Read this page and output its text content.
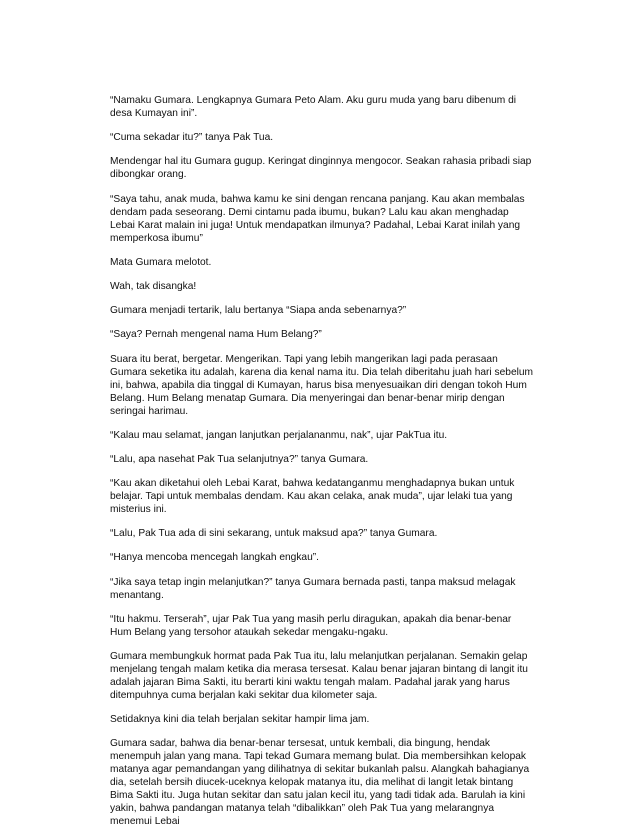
“Namaku Gumara. Lengkapnya Gumara Peto Alam. Aku guru muda yang baru dibenum di desa Kumayan ini”.

“Cuma sekadar itu?” tanya Pak Tua.

Mendengar hal itu Gumara gugup. Keringat dinginnya mengocor. Seakan rahasia pribadi siap dibongkar orang.

“Saya tahu, anak muda, bahwa kamu ke sini dengan rencana panjang. Kau akan membalas dendam pada seseorang. Demi cintamu pada ibumu, bukan? Lalu kau akan menghadap Lebai Karat malain ini juga! Untuk mendapatkan ilmunya? Padahal, Lebai Karat inilah yang memperkosa ibumu”

Mata Gumara melotot.

Wah, tak disangka!

Gumara menjadi tertarik, lalu bertanya “Siapa anda sebenarnya?”

“Saya? Pernah mengenal nama Hum Belang?”

Suara itu berat, bergetar. Mengerikan. Tapi yang lebih mangerikan lagi pada perasaan Gumara seketika itu adalah, karena dia kenal nama itu. Dia telah diberitahu juah hari sebelum ini, bahwa, apabila dia tinggal di Kumayan, harus bisa menyesuaikan diri dengan tokoh Hum Belang. Hum Belang menatap Gumara. Dia menyeringai dan benar-benar mirip dengan seringai harimau.

“Kalau mau selamat, jangan lanjutkan perjalananmu, nak”, ujar PakTua itu.

“Lalu, apa nasehat Pak Tua selanjutnya?” tanya Gumara.

“Kau akan diketahui oleh Lebai Karat, bahwa kedatanganmu menghadapnya bukan untuk belajar. Tapi untuk membalas dendam. Kau akan celaka, anak muda”, ujar lelaki tua yang misterius ini.

“Lalu, Pak Tua ada di sini sekarang, untuk maksud apa?” tanya Gumara.

“Hanya mencoba mencegah langkah engkau”.

“Jika saya tetap ingin melanjutkan?” tanya Gumara bernada pasti, tanpa maksud melagak menantang.

“Itu hakmu. Terserah”, ujar Pak Tua yang masih perlu diragukan, apakah dia benar-benar Hum Belang yang tersohor ataukah sekedar mengaku-ngaku.

Gumara membungkuk hormat pada Pak Tua itu, lalu melanjutkan perjalanan. Semakin gelap menjelang tengah malam ketika dia merasa tersesat. Kalau benar jajaran bintang di langit itu adalah jajaran Bima Sakti, itu berarti kini waktu tengah malam. Padahal jarak yang harus ditempuhnya cuma berjalan kaki sekitar dua kilometer saja.

Setidaknya kini dia telah berjalan sekitar hampir lima jam.

Gumara sadar, bahwa dia benar-benar tersesat, untuk kembali, dia bingung, hendak menempuh jalan yang mana. Tapi tekad Gumara memang bulat. Dia membersihkan kelopak matanya agar pemandangan yang dilihatnya di sekitar bukanlah palsu. Alangkah bahagianya dia, setelah bersih diucek-uceknya kelopak matanya itu, dia melihat di langit letak bintang Bima Sakti itu. Juga hutan sekitar dan satu jalan kecil itu, yang tadi tidak ada. Barulah ia kini yakin, bahwa pandangan matanya telah “dibalikkan” oleh Pak Tua yang melarangnya menemui Lebai
